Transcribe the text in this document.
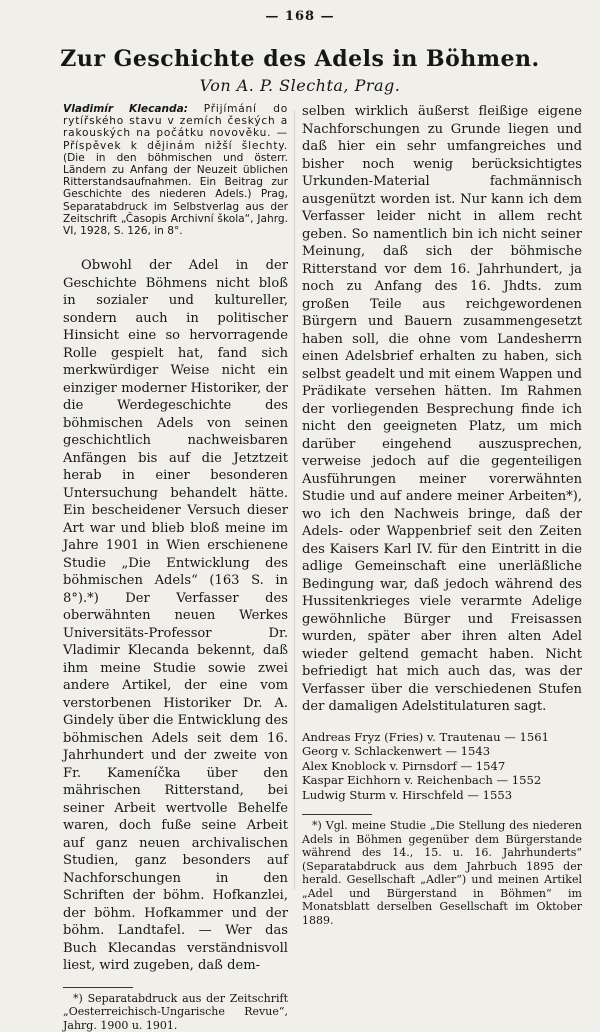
— 168 —
Zur Geschichte des Adels in Böhmen.
Von A. P. Slechta, Prag.

Vladimír Klecanda: Přijímání do rytířského stavu v zemích českých a rakouských na počátku novověku. — Příspěvek k dějinám nižší šlechty. (Die in den böhmischen und österr. Ländern zu Anfang der Neuzeit üblichen Ritterstandsaufnahmen. Ein Beitrag zur Geschichte des niederen Adels.) Prag, Separatabdruck im Selbstverlag aus der Zeitschrift „Časopis Archivní škola“, Jahrg. VI, 1928, S. 126, in 8°.

Obwohl der Adel in der Geschichte Böhmens nicht bloß in sozialer und kultureller, sondern auch in politischer Hinsicht eine so hervorragende Rolle gespielt hat, fand sich merkwürdiger Weise nicht ein einziger moderner Historiker, der die Werdegeschichte des böhmischen Adels von seinen geschichtlich nachweisbaren Anfängen bis auf die Jetztzeit herab in einer besonderen Untersuchung behandelt hätte. Ein bescheidener Versuch dieser Art war und blieb bloß meine im Jahre 1901 in Wien erschienene Studie „Die Entwicklung des böhmischen Adels“ (163 S. in 8°).*) Der Verfasser des oberwähnten neuen Werkes Universitäts-Professor Dr. Vladimir Klecanda bekennt, daß ihm meine Studie sowie zwei andere Artikel, der eine vom verstorbenen Historiker Dr. A. Gindely über die Entwicklung des böhmischen Adels seit dem 16. Jahrhundert und der zweite von Fr. Kameníčka über den mährischen Ritterstand, bei seiner Arbeit wertvolle Behelfe waren, doch fuße seine Arbeit auf ganz neuen archivalischen Studien, ganz besonders auf Nachforschungen in den Schriften der böhm. Hofkanzlei, der böhm. Hofkammer und der böhm. Landtafel. — Wer das Buch Klecandas verständnisvoll liest, wird zugeben, daß dem-

*) Separatabdruck aus der Zeitschrift „Oesterreichisch-Ungarische Revue“, Jahrg. 1900 u. 1901.

selben wirklich äußerst fleißige eigene Nachforschungen zu Grunde liegen und daß hier ein sehr umfangreiches und bisher noch wenig berücksichtigtes Urkunden-Material fachmännisch ausgenützt worden ist. Nur kann ich dem Verfasser leider nicht in allem recht geben. So namentlich bin ich nicht seiner Meinung, daß sich der böhmische Ritterstand vor dem 16. Jahrhundert, ja noch zu Anfang des 16. Jhdts. zum großen Teile aus reichgewordenen Bürgern und Bauern zusammengesetzt haben soll, die ohne vom Landesherrn einen Adelsbrief erhalten zu haben, sich selbst geadelt und mit einem Wappen und Prädikate versehen hätten. Im Rahmen der vorliegenden Besprechung finde ich nicht den geeigneten Platz, um mich darüber eingehend auszusprechen, verweise jedoch auf die gegenteiligen Ausführungen meiner vorerwähnten Studie und auf andere meiner Arbeiten*), wo ich den Nachweis bringe, daß der Adels- oder Wappenbrief seit den Zeiten des Kaisers Karl IV. für den Eintritt in die adlige Gemeinschaft eine unerläßliche Bedingung war, daß jedoch während des Hussitenkrieges viele verarmte Adelige gewöhnliche Bürger und Freisassen wurden, später aber ihren alten Adel wieder geltend gemacht haben. Nicht befriedigt hat mich auch das, was der Verfasser über die verschiedenen Stufen der damaligen Adelstitulaturen sagt.

Andreas Fryz (Fries) v. Trautenau — 1561
Georg v. Schlackenwert — 1543
Alex Knoblock v. Pirnsdorf — 1547
Kaspar Eichhorn v. Reichenbach — 1552
Ludwig Sturm v. Hirschfeld — 1553

*) Vgl. meine Studie „Die Stellung des niederen Adels in Böhmen gegenüber dem Bürgerstande während des 14., 15. u. 16. Jahrhunderts“ (Separatabdruck aus dem Jahrbuch 1895 der herald. Gesellschaft „Adler“) und meinen Artikel „Adel und Bürgerstand in Böhmen“ im Monatsblatt derselben Gesellschaft im Oktober 1889.
